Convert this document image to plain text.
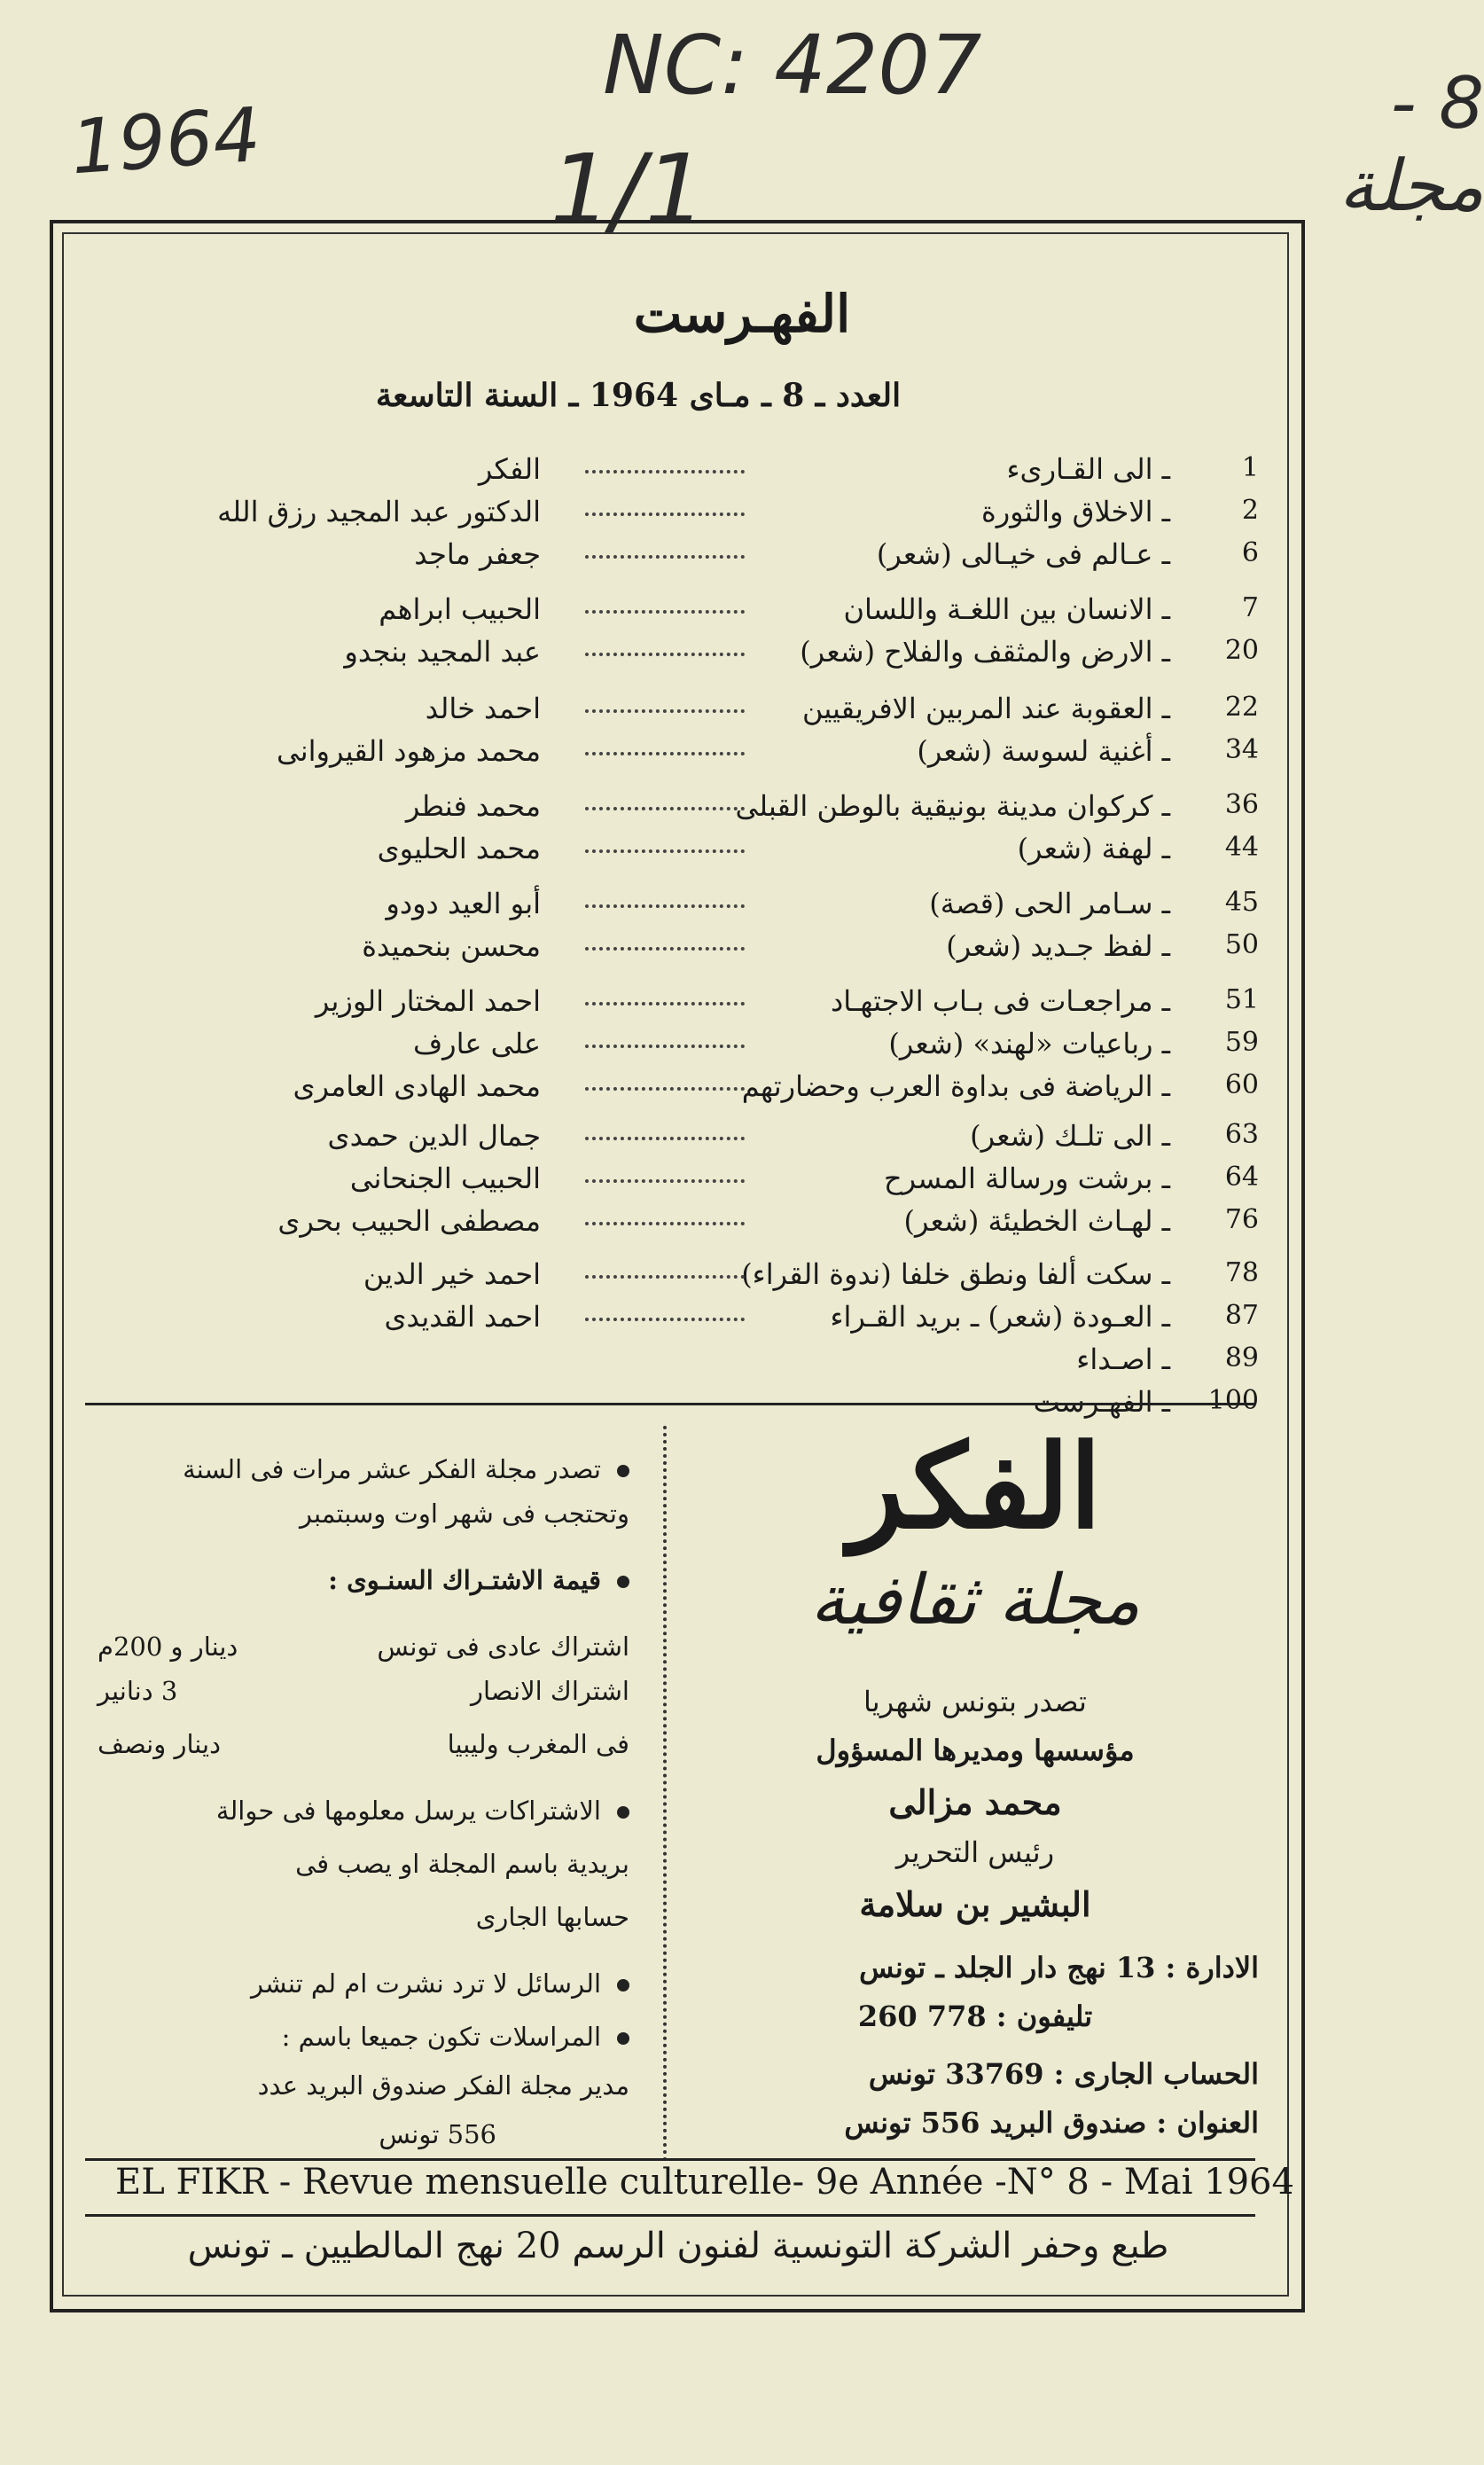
1964
NC: 4207
1/1
8 - مجلة
الفهـرست
العدد ـ 8 ـ مـاى 1964 ـ السنة التاسعة
1
ـ الى القـارىء
الفكر
2
ـ الاخلاق والثورة
الدكتور عبد المجيد رزق الله
6
ـ عـالم فى خيـالى (شعر)
جعفر ماجد
7
ـ الانسان بين اللغـة واللسان
الحبيب ابراهم
20
ـ الارض والمثقف والفلاح (شعر)
عبد المجيد بنجدو
22
ـ العقوبة عند المربين الافريقيين
احمد خالد
34
ـ أغنية لسوسة (شعر)
محمد مزهود القيروانى
36
ـ كركوان مدينة بونيقية بالوطن القبلى
محمد فنطر
44
ـ لهفة (شعر)
محمد الحليوى
45
ـ سـامر الحى (قصة)
أبو العيد دودو
50
ـ لفظ جـديد (شعر)
محسن بنحميدة
51
ـ مراجعـات فى بـاب الاجتهـاد
احمد المختار الوزير
59
ـ رباعيات «لهند» (شعر)
على عارف
60
ـ الرياضة فى بداوة العرب وحضارتهم
محمد الهادى العامرى
63
ـ الى تلـك (شعر)
جمال الدين حمدى
64
ـ برشت ورسالة المسرح
الحبيب الجنحانى
76
ـ لهـاث الخطيئة (شعر)
مصطفى الحبيب بحرى
78
ـ سكت ألفا ونطق خلفا (ندوة القراء)
احمد خير الدين
87
ـ العـودة (شعر) ـ بريد القـراء
احمد القديدى
89
ـ اصـداء
100
ـ الفهـرست
تصدر مجلة الفكر عشر مرات فى السنة
وتحتجب فى شهر اوت وسبتمبر
قيمة الاشتـراك السنـوى :
اشتراك عادى فى تونس
دينار و 200م
اشتراك الانصار
3 دنانير
فى المغرب وليبيا
دينار ونصف
الاشتراكات يرسل معلومها فى حوالة
بريدية باسم المجلة او يصب فى
حسابها الجارى
الرسائل لا ترد نشرت ام لم تنشر
المراسلات تكون جميعا باسم :
مدير مجلة الفكر صندوق البريد عدد
556 تونس
الفكر
مجلة ثقافية
تصدر بتونس شهريا
مؤسسها ومديرها المسؤول
محمد مزالى
رئيس التحرير
البشير بن سلامة
الادارة : 13 نهج دار الجلد ـ تونس
تليفون : 778 260
الحساب الجارى : 33769 تونس
العنوان : صندوق البريد 556 تونس
EL FIKR - Revue mensuelle culturelle- 9e Année -N° 8 - Mai 1964
طبع وحفر الشركة التونسية لفنون الرسم 20 نهج المالطيين ـ تونس
